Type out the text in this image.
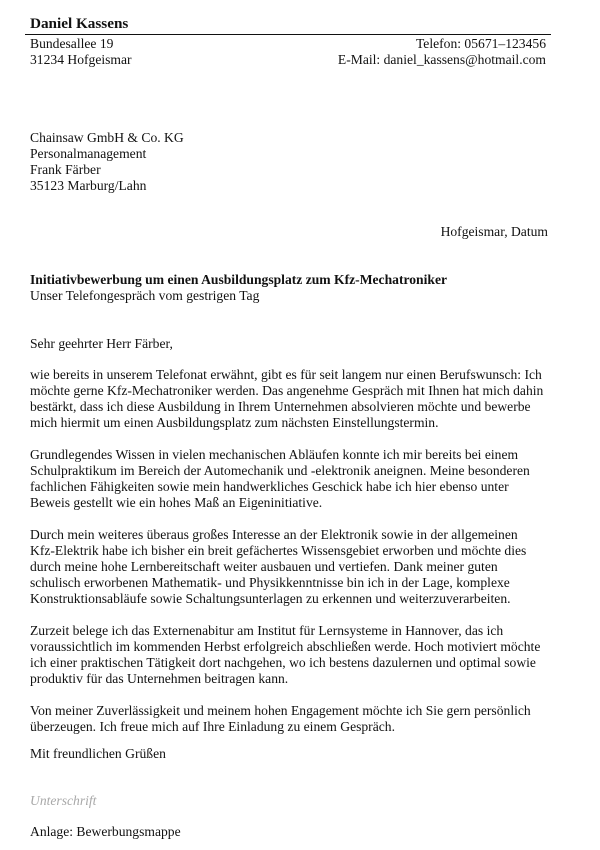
Daniel Kassens
Bundesallee 19
31234 Hofgeismar
Telefon: 05671–123456
E-Mail: daniel_kassens@hotmail.com
Chainsaw GmbH & Co. KG
Personalmanagement
Frank Färber
35123 Marburg/Lahn
Hofgeismar, Datum
Initiativbewerbung um einen Ausbildungsplatz zum Kfz-Mechatroniker
Unser Telefongespräch vom gestrigen Tag
Sehr geehrter Herr Färber,
wie bereits in unserem Telefonat erwähnt, gibt es für seit langem nur einen Berufswunsch: Ich
möchte gerne Kfz-Mechatroniker werden. Das angenehme Gespräch mit Ihnen hat mich dahin
bestärkt, dass ich diese Ausbildung in Ihrem Unternehmen absolvieren möchte und bewerbe
mich hiermit um einen Ausbildungsplatz zum nächsten Einstellungstermin.
Grundlegendes Wissen in vielen mechanischen Abläufen konnte ich mir bereits bei einem
Schulpraktikum im Bereich der Automechanik und -elektronik aneignen. Meine besonderen
fachlichen Fähigkeiten sowie mein handwerkliches Geschick habe ich hier ebenso unter
Beweis gestellt wie ein hohes Maß an Eigeninitiative.
Durch mein weiteres überaus großes Interesse an der Elektronik sowie in der allgemeinen
Kfz-Elektrik habe ich bisher ein breit gefächertes Wissensgebiet erworben und möchte dies
durch meine hohe Lernbereitschaft weiter ausbauen und vertiefen. Dank meiner guten
schulisch erworbenen Mathematik- und Physikkenntnisse bin ich in der Lage, komplexe
Konstruktionsabläufe sowie Schaltungsunterlagen zu erkennen und weiterzuverarbeiten.
Zurzeit belege ich das Externenabitur am Institut für Lernsysteme in Hannover, das ich
voraussichtlich im kommenden Herbst erfolgreich abschließen werde. Hoch motiviert möchte
ich einer praktischen Tätigkeit dort nachgehen, wo ich bestens dazulernen und optimal sowie
produktiv für das Unternehmen beitragen kann.
Von meiner Zuverlässigkeit und meinem hohen Engagement möchte ich Sie gern persönlich
überzeugen. Ich freue mich auf Ihre Einladung zu einem Gespräch.
Mit freundlichen Grüßen
Unterschrift
Anlage: Bewerbungsmappe
